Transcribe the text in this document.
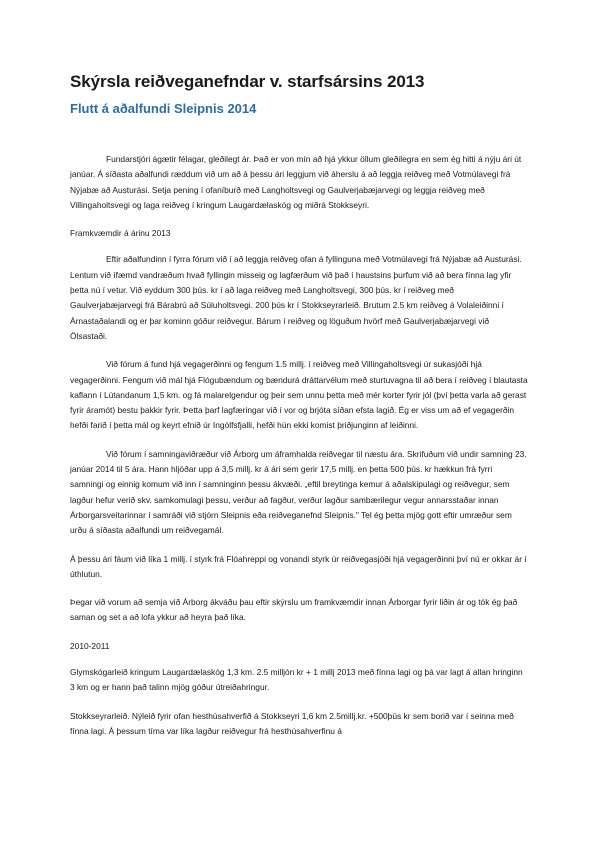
Skýrsla reiðveganefndar v. starfsársins 2013
Flutt á aðalfundi Sleipnis 2014

Fundarstjóri ágætir félagar, gleðilegt ár. Það er von mín að hjá ykkur öllum gleðilegra en sem ég hitti á nýju ári út janúar. Á síðasta aðalfundi ræddum við um að á þessu ári leggjum við áherslu á að leggja reiðveg með Votmúlavegi frá Nýjabæ að Austurási. Setja pening í ofaníburð með Langholtsvegi og Gaulverjabæjarvegi og leggja reiðveg með Villingaholtsvegi og laga reiðveg í kringum Laugardælaskóg og miðrá Stokkseyri.

Framkvæmdir á árinu 2013

Eftir aðalfundinn í fyrra fórum við í að leggja reiðveg ofan á fyllinguna með Votmúlavegi frá Nýjabæ að Austurási. Lentum við ífæmd vandræðum hvað fyllingin misseig og lagfærðum við það í haustsins þurfum við að bera fínna lag yfir þetta nú í vetur. Við eyddum 300 þús. kr í að laga reiðveg með Langholtsvegi, 300 þús. kr í reiðveg með Gaulverjabæjarvegi frá Bárabrú að Súluholtsvegi. 200 þús kr í Stokkseyrarleið. Brutum 2.5 km reiðveg á Volaleiðinni í Árnastaðalandi og er þar kominn góður reiðvegur. Bárum í reiðveg og löguðum hvörf með Gaulverjabæjarvegi við Ölsastaði.

Við fórum á fund hjá vegagerðinni og fengum 1.5 millj. í reiðveg með Villingaholtsvegi úr sukasjóði hjá vegagerðinni. Fengum við mál hjá Flógubændum og bændurá dráttarvélum með sturtuvagna til að bera í reiðveg í blautasta kaflann í Lútandanum 1,5 km. og fá malarelgendur og þeir sem unnu þetta með mér korter fyrir jól (því þetta varla að gerast fyrir áramót) bestu þakkir fyrir. Þetta þarf lagfæringar við í vor og brjóta síðan efsta lagið. Ég er viss um að ef vegagerðin hefði farið í þetta mál og keyrt efnið úr Ingólfsfjalli, hefði hún ekki komist þriðjunginn af leiðinni.

Við fórum í samningaviðræður við Árborg um áframhalda reiðvegar til næstu ára. Skrifuðum við undir samning 23. janúar 2014 til 5 ára. Hann hljóðar upp á 3,5 millj. kr á ári sem gerir 17,5 millj. en þetta 500 þús. kr hækkun frá fyrri samningi og einnig komum við inn í samninginn þessu ákvæði. „eftil breytinga kemur á aðalskipulagi og reiðvegur, sem lagður hefur verið skv. samkomulagi þessu, verður að fagður, verður lagður sambærilegur vegur annarsstaðar innan Árborgarsveitarinnar í samráði við stjórn Sleipnis eða reiðveganefnd Sleipnis." Tel ég þetta mjög gott eftir umræður sem urðu á síðasta aðalfundi um reiðvegamál.

Á þessu ári fáum við líka 1 millj. í styrk frá Flóahreppi og vonandi styrk úr reiðvegasjóði hjá vegagerðinni því nú er okkar ár í úthlutun.

Þegar við vorum að semja við Árborg ákváðu þau eftir skýrslu um framkvæmdir innan Árborgar fyrir liðin ár og tók ég það saman og set a að lofa ykkur að heyra það líka.

2010-2011

Glymskógarleið kringum Laugardælaskóg 1,3 km. 2.5 milljón kr + 1 millj 2013 með fínna lagi og þá var lagt á allan hringinn 3 km og er hann það talinn mjög góður útreiðahringur.

Stokkseyrarleið. Nýleið fyrir ofan hesthúsahverfið á Stokkseyri 1,6 km 2.5millj.kr. +500þús kr sem borið var í seinna með fínna lagi. Á þessum tíma var líka lagður reiðvegur frá hesthúsahverfinu á
